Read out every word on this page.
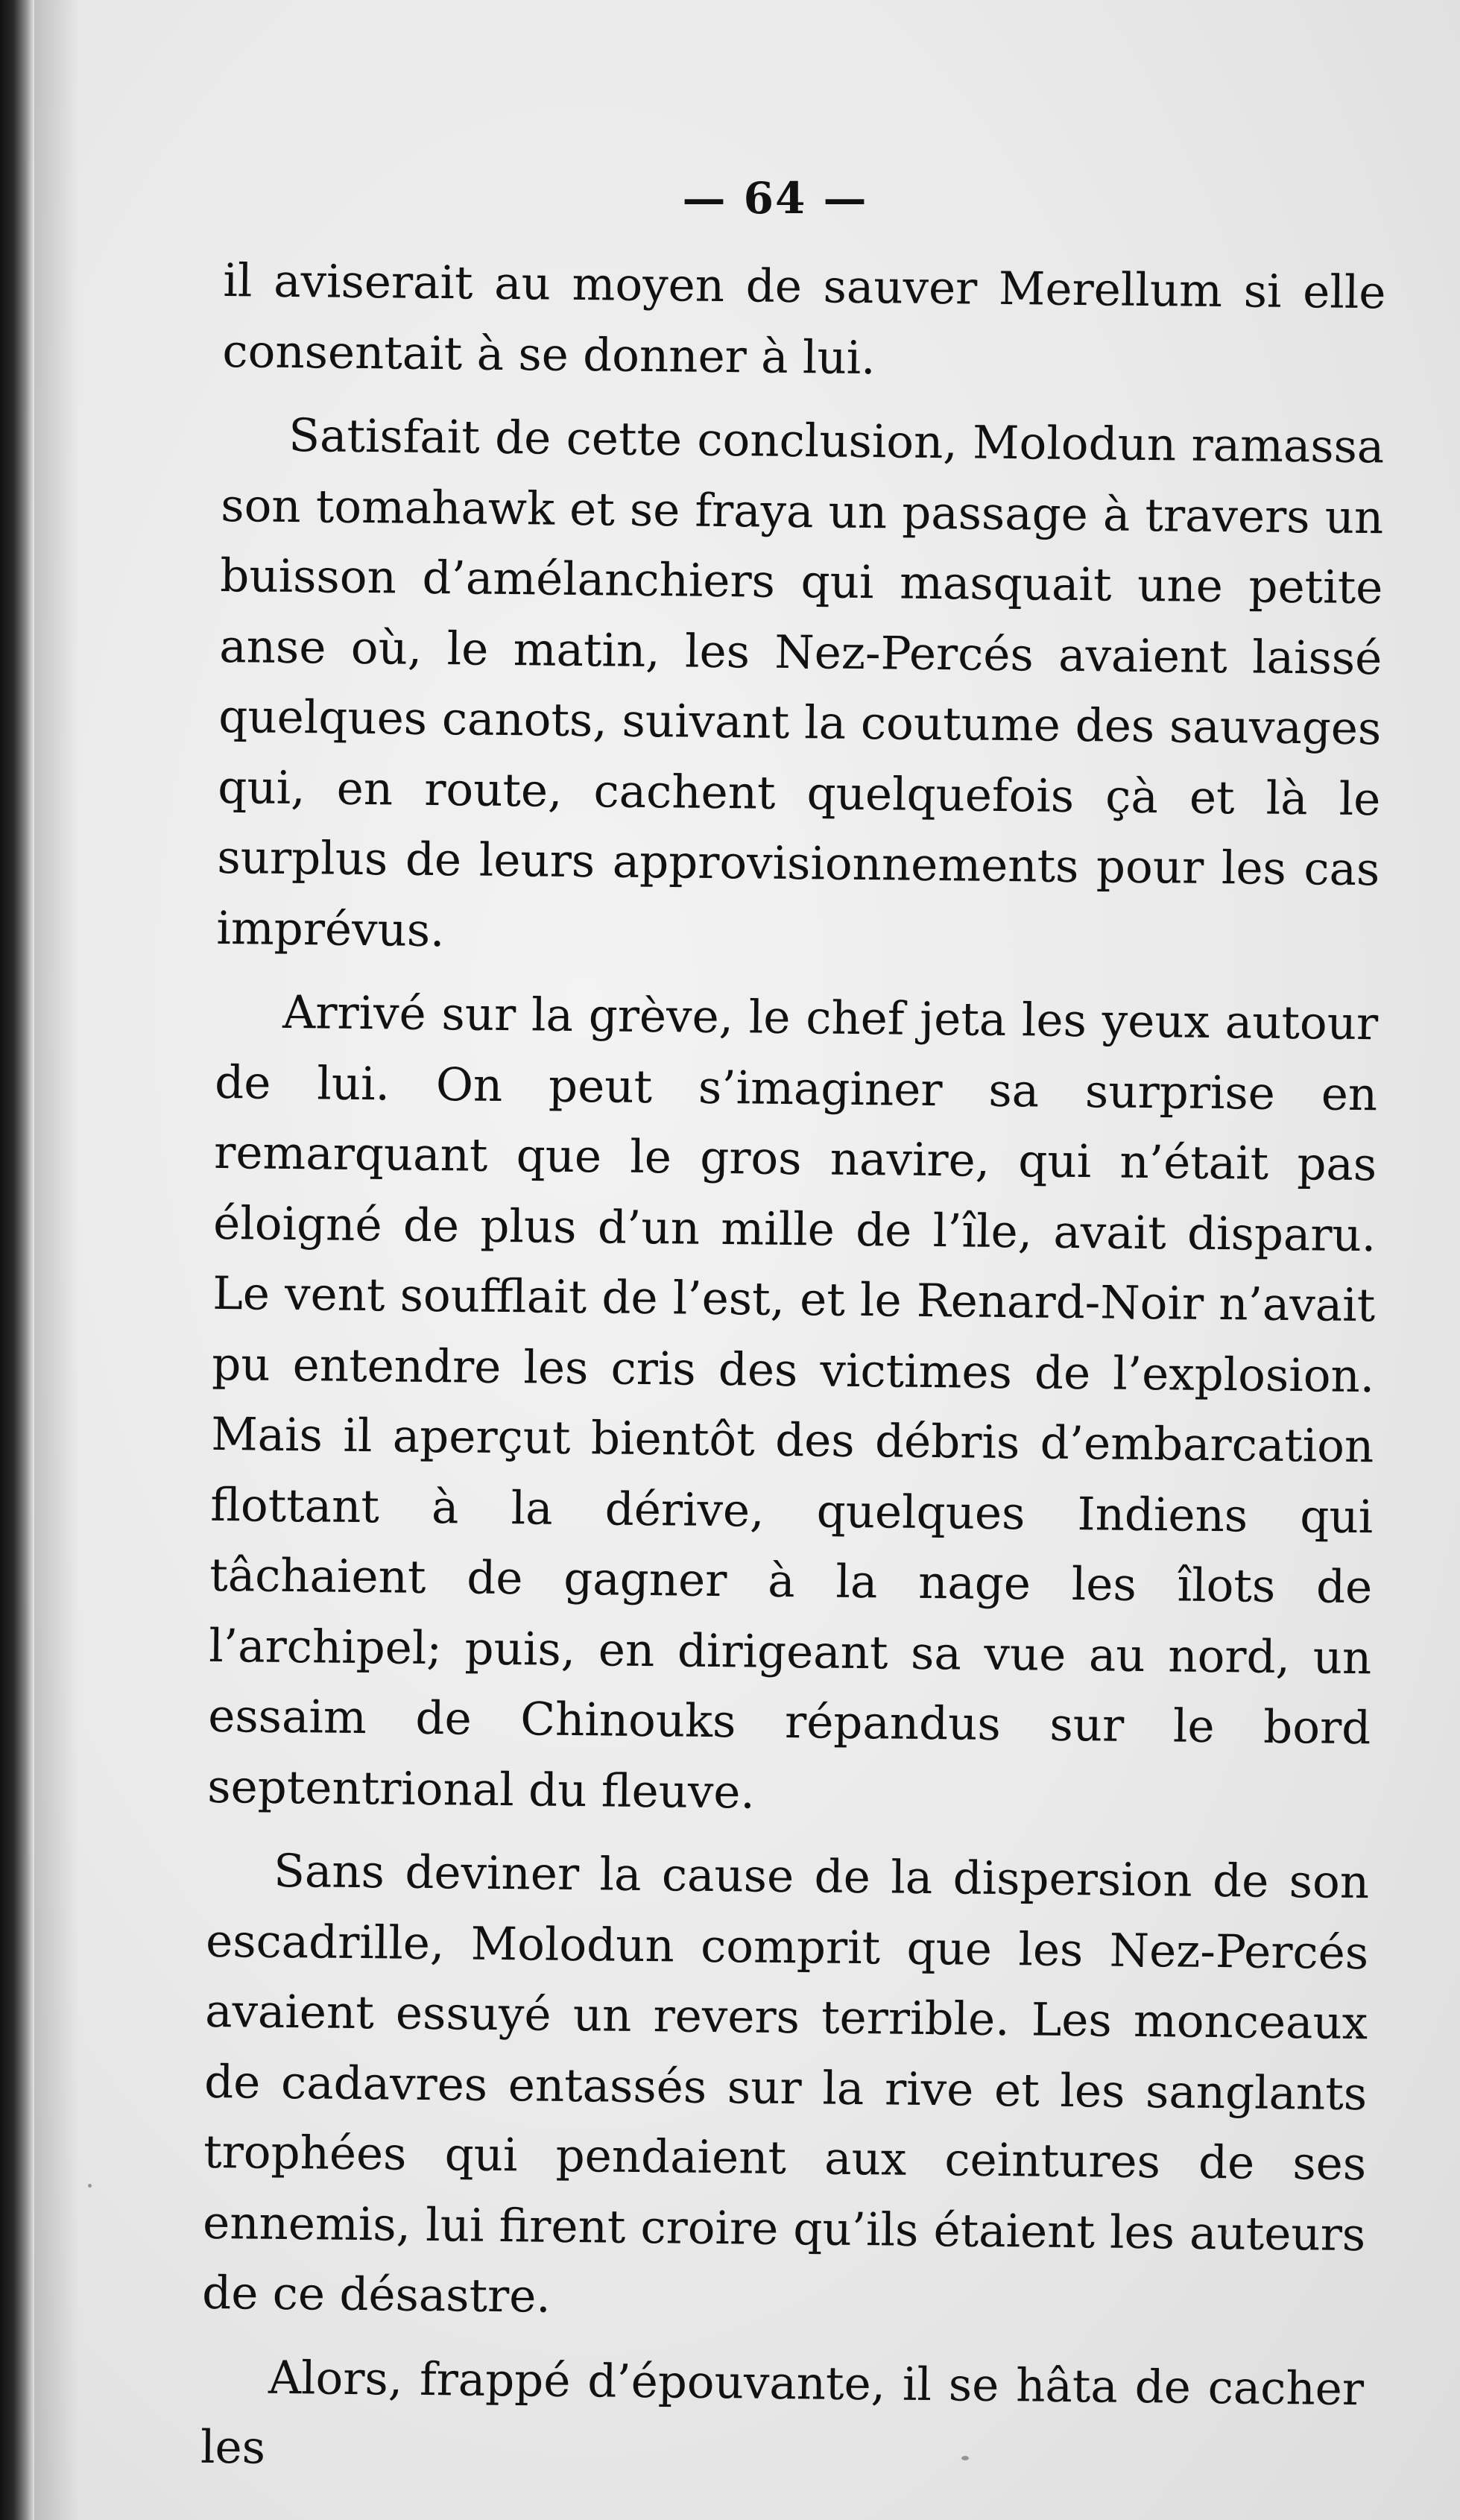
— 64 —

il aviserait au moyen de sauver Merellum si elle consentait à se donner à lui.

Satisfait de cette conclusion, Molodun ramassa son tomahawk et se fraya un passage à travers un buisson d’amélanchiers qui masquait une petite anse où, le matin, les Nez-Percés avaient laissé quelques canots, suivant la coutume des sauvages qui, en route, cachent quelquefois çà et là le surplus de leurs approvisionnements pour les cas imprévus.

Arrivé sur la grève, le chef jeta les yeux autour de lui. On peut s’imaginer sa surprise en remarquant que le gros navire, qui n’était pas éloigné de plus d’un mille de l’île, avait disparu. Le vent soufflait de l’est, et le Renard-Noir n’avait pu entendre les cris des victimes de l’explosion. Mais il aperçut bientôt des débris d’embarcation flottant à la dérive, quelques Indiens qui tâchaient de gagner à la nage les îlots de l’archipel; puis, en dirigeant sa vue au nord, un essaim de Chinouks répandus sur le bord septentrional du fleuve.

Sans deviner la cause de la dispersion de son escadrille, Molodun comprit que les Nez-Percés avaient essuyé un revers terrible. Les monceaux de cadavres entassés sur la rive et les sanglants trophées qui pendaient aux ceintures de ses ennemis, lui firent croire qu’ils étaient les auteurs de ce désastre.

Alors, frappé d’épouvante, il se hâta de cacher les
